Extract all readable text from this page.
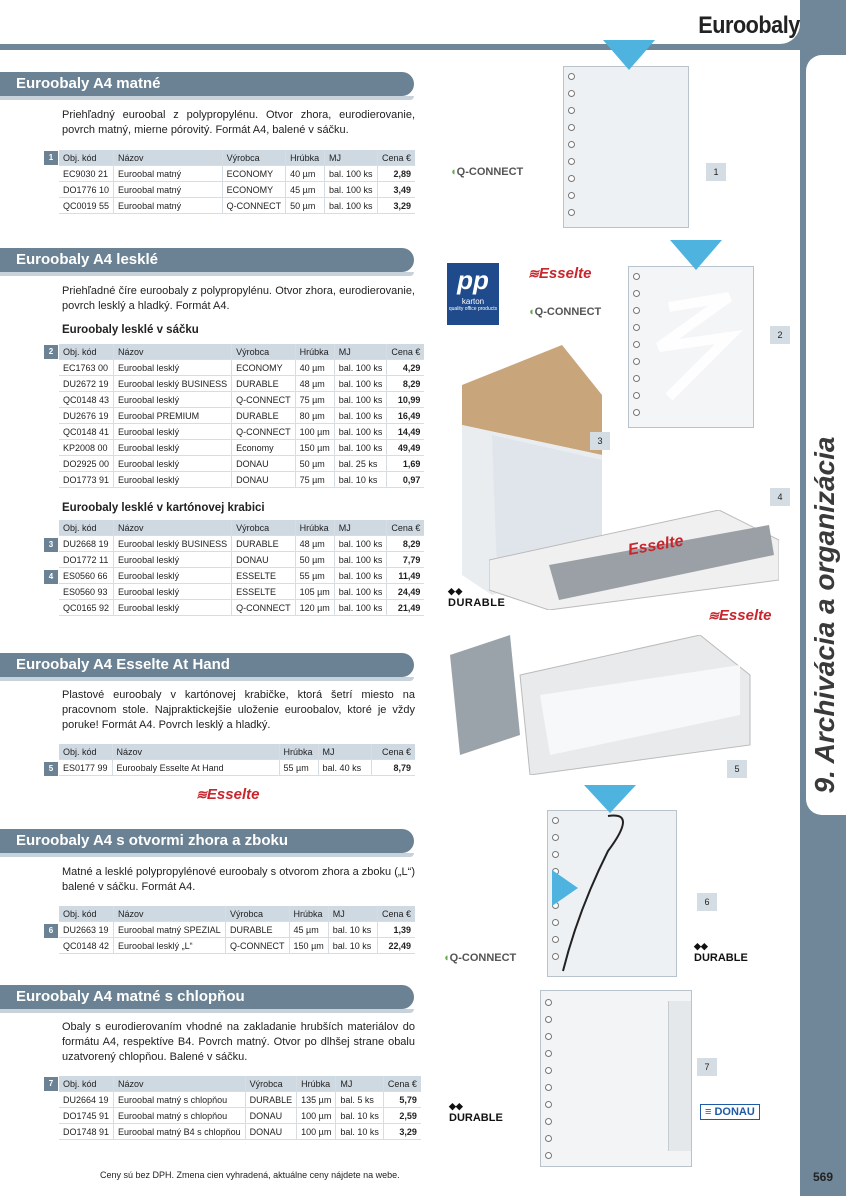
Euroobaly
9. Archivácia a organizácia
569
Euroobaly A4 matné
Priehľadný euroobal z polypropylénu. Otvor zhora, eurodierovanie, povrch matný, mierne pórovitý. Formát A4, balené v sáčku.
1	Obj. kód	Názov	Výrobca	Hrúbka	MJ	Cena €
EC9030 21	Euroobal matný	ECONOMY	40 µm	bal. 100 ks	2,89
DO1776 10	Euroobal matný	ECONOMY	45 µm	bal. 100 ks	3,49
QC0019 55	Euroobal matný	Q-CONNECT	50 µm	bal. 100 ks	3,29
Euroobaly A4 lesklé
Priehľadné číre euroobaly z polypropylénu. Otvor zhora, eurodierovanie, povrch lesklý a hladký. Formát A4.
Euroobaly lesklé v sáčku
2	Obj. kód	Názov	Výrobca	Hrúbka	MJ	Cena €
EC1763 00	Euroobal lesklý	ECONOMY	40 µm	bal. 100 ks	4,29
DU2672 19	Euroobal lesklý BUSINESS	DURABLE	48 µm	bal. 100 ks	8,29
QC0148 43	Euroobal lesklý	Q-CONNECT	75 µm	bal. 100 ks	10,99
DU2676 19	Euroobal PREMIUM	DURABLE	80 µm	bal. 100 ks	16,49
QC0148 41	Euroobal lesklý	Q-CONNECT	100 µm	bal. 100 ks	14,49
KP2008 00	Euroobal lesklý	Economy	150 µm	bal. 100 ks	49,49
DO2925 00	Euroobal lesklý	DONAU	50 µm	bal. 25 ks	1,69
DO1773 91	Euroobal lesklý	DONAU	75 µm	bal. 10 ks	0,97
Euroobaly lesklé v kartónovej krabici
3
4
Obj. kód	Názov	Výrobca	Hrúbka	MJ	Cena €
DU2668 19	Euroobal lesklý BUSINESS	DURABLE	48 µm	bal. 100 ks	8,29
DO1772 11	Euroobal lesklý	DONAU	50 µm	bal. 100 ks	7,79
ES0560 66	Euroobal lesklý	ESSELTE	55 µm	bal. 100 ks	11,49
ES0560 93	Euroobal lesklý	ESSELTE	105 µm	bal. 100 ks	24,49
QC0165 92	Euroobal lesklý	Q-CONNECT	120 µm	bal. 100 ks	21,49
Euroobaly A4 Esselte At Hand
Plastové euroobaly v kartónovej krabičke, ktorá šetrí miesto na pracovnom stole. Najpraktickejšie uloženie euroobalov, ktoré je vždy poruke! Formát A4. Povrch lesklý a hladký.
5
Obj. kód	Názov	Hrúbka	MJ	Cena €
ES0177 99	Euroobaly Esselte At Hand	55 µm	bal. 40 ks	8,79
≋Esselte
Euroobaly A4 s otvormi zhora a zboku
Matné a lesklé polypropylénové euroobaly s otvorom zhora a zboku („L“) balené v sáčku. Formát A4.
6
Obj. kód	Názov	Výrobca	Hrúbka	MJ	Cena €
DU2663 19	Euroobal matný SPEZIAL	DURABLE	45 µm	bal. 10 ks	1,39
QC0148 42	Euroobal lesklý „L“	Q-CONNECT	150 µm	bal. 10 ks	22,49
Euroobaly A4 matné s chlopňou
Obaly s eurodierovaním vhodné na zakladanie hrubších materiálov do formátu A4, respektíve B4. Povrch matný. Otvor po dlhšej strane obalu uzatvorený chlopňou. Balené v sáčku.
7	Obj. kód	Názov	Výrobca	Hrúbka	MJ	Cena €
DU2664 19	Euroobal matný s chlopňou	DURABLE	135 µm	bal. 5 ks	5,79
DO1745 91	Euroobal matný s chlopňou	DONAU	100 µm	bal. 10 ks	2,59
DO1748 91	Euroobal matný B4 s chlopňou	DONAU	100 µm	bal. 10 ks	3,29
Ceny sú bez DPH. Zmena cien vyhradená, aktuálne ceny nájdete na webe.
◖Q-CONNECT	1
pp
karton
quality office products
≋Esselte
◖Q-CONNECT
2
3
Esselte
4
◆◆
DURABLE
≋Esselte
5
6
◖Q-CONNECT
◆◆
DURABLE
7
◆◆
DURABLE	≡ DONAU
